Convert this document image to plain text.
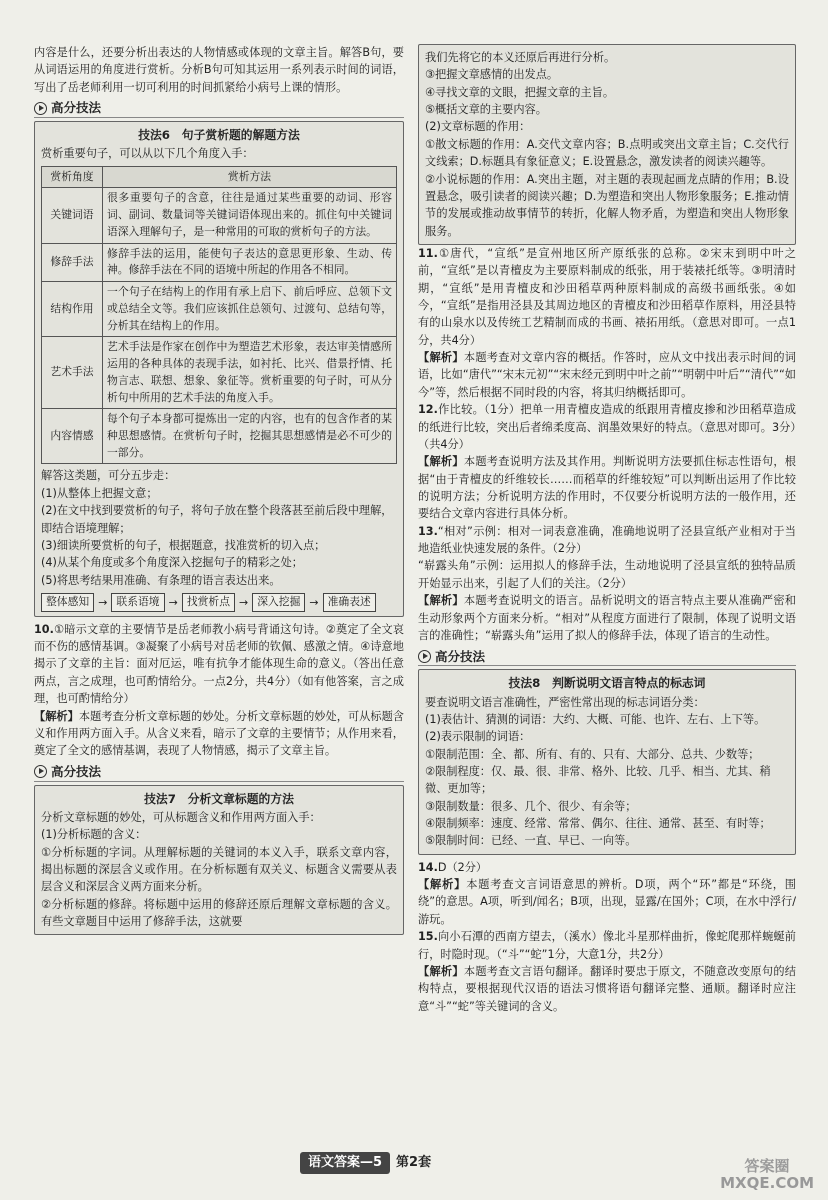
内容是什么，还要分析出表达的人物情感或体现的文章主旨。解答B句，要从词语运用的角度进行赏析。分析B句可知其运用一系列表示时间的词语，写出了岳老师利用一切可利用的时间抓紧给小病号上课的情形。

高分技法
技法6　句子赏析题的解题方法

赏析重要句子，可以从以下几个角度入手：

赏析角度	赏析方法
关键词语	很多重要句子的含意，往往是通过某些重要的动词、形容词、副词、数量词等关键词语体现出来的。抓住句中关键词语深入理解句子，是一种常用的可取的赏析句子的方法。
修辞手法	修辞手法的运用，能使句子表达的意思更形象、生动、传神。修辞手法在不同的语境中所起的作用各不相同。
结构作用	一个句子在结构上的作用有承上启下、前后呼应、总领下文或总结全文等。我们应该抓住总领句、过渡句、总结句等，分析其在结构上的作用。
艺术手法	艺术手法是作家在创作中为塑造艺术形象，表达审美情感所运用的各种具体的表现手法，如衬托、比兴、借景抒情、托物言志、联想、想象、象征等。赏析重要的句子时，可从分析句中所用的艺术手法的角度入手。
内容情感	每个句子本身都可提炼出一定的内容，也有的包含作者的某种思想感情。在赏析句子时，挖掘其思想感情是必不可少的一部分。

解答这类题，可分五步走：

(1)从整体上把握文意；

(2)在文中找到要赏析的句子，将句子放在整个段落甚至前后段中理解，即结合语境理解；

(3)细读所要赏析的句子，根据题意，找准赏析的切入点；

(4)从某个角度或多个角度深入挖掘句子的精彩之处；

(5)将思考结果用准确、有条理的语言表达出来。

整体感知 → 联系语境 → 找赏析点 → 深入挖掘 → 准确表述

10.①暗示文章的主要情节是岳老师教小病号背诵这句诗。②奠定了全文哀而不伤的感情基调。③凝聚了小病号对岳老师的钦佩、感激之情。④诗意地揭示了文章的主旨：面对厄运，唯有抗争才能体现生命的意义。（答出任意两点，言之成理，也可酌情给分。一点2分，共4分）（如有他答案，言之成理，也可酌情给分）

【解析】本题考查分析文章标题的妙处。分析文章标题的妙处，可从标题含义和作用两方面入手。从含义来看，暗示了文章的主要情节；从作用来看，奠定了全文的感情基调，表现了人物情感，揭示了文章主旨。

高分技法
技法7　分析文章标题的方法

分析文章标题的妙处，可从标题含义和作用两方面入手：

(1)分析标题的含义：

①分析标题的字词。从理解标题的关键词的本义入手，联系文章内容，揭出标题的深层含义或作用。在分析标题有双关义、标题含义需要从表层含义和深层含义两方面来分析。

②分析标题的修辞。将标题中运用的修辞还原后理解文章标题的含义。有些文章题目中运用了修辞手法，这就要

我们先将它的本义还原后再进行分析。

③把握文章感情的出发点。

④寻找文章的文眼，把握文章的主旨。

⑤概括文章的主要内容。

(2)文章标题的作用：

①散文标题的作用：A.交代文章内容；B.点明或突出文章主旨；C.交代行文线索；D.标题具有象征意义；E.设置悬念，激发读者的阅读兴趣等。

②小说标题的作用：A.突出主题，对主题的表现起画龙点睛的作用；B.设置悬念，吸引读者的阅读兴趣；D.为塑造和突出人物形象服务；E.推动情节的发展或推动故事情节的转折，化解人物矛盾，为塑造和突出人物形象服务。

11.①唐代，“宣纸”是宣州地区所产原纸张的总称。②宋末到明中叶之前，“宣纸”是以青檀皮为主要原料制成的纸张，用于装裱托纸等。③明清时期，“宣纸”是用青檀皮和沙田稻草两种原料制成的高级书画纸张。④如今，“宣纸”是指用泾县及其周边地区的青檀皮和沙田稻草作原料，用泾县特有的山泉水以及传统工艺精制而成的书画、裱拓用纸。（意思对即可。一点1分，共4分）

【解析】本题考查对文章内容的概括。作答时，应从文中找出表示时间的词语，比如“唐代”“宋末元初”“宋末经元到明中叶之前”“明朝中叶后”“清代”“如今”等，然后根据不同时段的内容，将其归纳概括即可。

12.作比较。（1分）把单一用青檀皮造成的纸跟用青檀皮掺和沙田稻草造成的纸进行比较，突出后者绵柔度高、润墨效果好的特点。（意思对即可。3分）（共4分）

【解析】本题考查说明方法及其作用。判断说明方法要抓住标志性语句，根据“由于青檀皮的纤维较长……而稻草的纤维较短”可以判断出运用了作比较的说明方法；分析说明方法的作用时，不仅要分析说明方法的一般作用，还要结合文章内容进行具体分析。

13.“相对”示例：相对一词表意准确，准确地说明了泾县宣纸产业相对于当地造纸业快速发展的条件。（2分）

“崭露头角”示例：运用拟人的修辞手法，生动地说明了泾县宣纸的独特品质开始显示出来，引起了人们的关注。（2分）

【解析】本题考查说明文的语言。品析说明文的语言特点主要从准确严密和生动形象两个方面来分析。“相对”从程度方面进行了限制，体现了说明文语言的准确性；“崭露头角”运用了拟人的修辞手法，体现了语言的生动性。

高分技法
技法8　判断说明文语言特点的标志词

要查说明文语言准确性，严密性常出现的标志词语分类：

(1)表估计、猜测的词语：大约、大概、可能、也许、左右、上下等。

(2)表示限制的词语：

①限制范围：全、都、所有、有的、只有、大部分、总共、少数等；

②限制程度：仅、最、很、非常、格外、比较、几乎、相当、尤其、稍微、更加等；

③限制数量：很多、几个、很少、有余等；

④限制频率：速度、经常、常常、偶尔、往往、通常、甚至、有时等；

⑤限制时间：已经、一直、早已、一向等。

14.D（2分）

【解析】本题考查文言词语意思的辨析。D项，两个“环”都是“环绕，围绕”的意思。A项，听到/闻名；B项，出现，显露/在国外；C项，在水中浮行/游玩。

15.向小石潭的西南方望去，（溪水）像北斗星那样曲折，像蛇爬那样蜿蜒前行，时隐时现。（“斗”“蛇”1分，大意1分，共2分）

【解析】本题考查文言语句翻译。翻译时要忠于原文，不随意改变原句的结构特点，要根据现代汉语的语法习惯将语句翻译完整、通顺。翻译时应注意“斗”“蛇”等关键词的含义。

语文答案—5	第2套	答案圈
MXQE.COM
